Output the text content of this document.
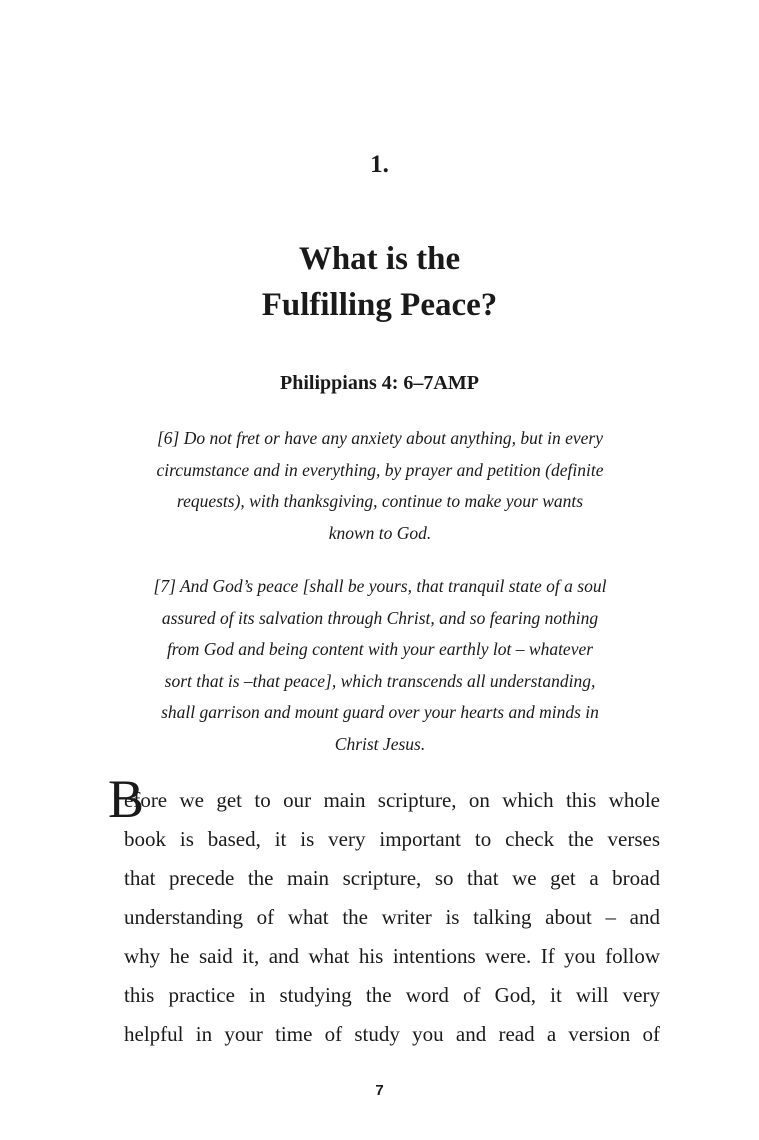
1.
What is the
Fulfilling Peace?
Philippians 4: 6–7AMP

[6] Do not fret or have any anxiety about anything, but in every
circumstance and in everything, by prayer and petition (definite
requests), with thanksgiving, continue to make your wants
known to God.

[7] And God’s peace [shall be yours, that tranquil state of a soul
assured of its salvation through Christ, and so fearing nothing
from God and being content with your earthly lot – whatever
sort that is –that peace], which transcends all understanding,
shall garrison and mount guard over your hearts and minds in
Christ Jesus.

B

efore we get to our main scripture, on which this whole
book is based, it is very important to check the verses
that precede the main scripture, so that we get a broad
understanding of what the writer is talking about – and
why he said it, and what his intentions were. If you follow
this practice in studying the word of God, it will very
helpful in your time of study you and read a version of

7
